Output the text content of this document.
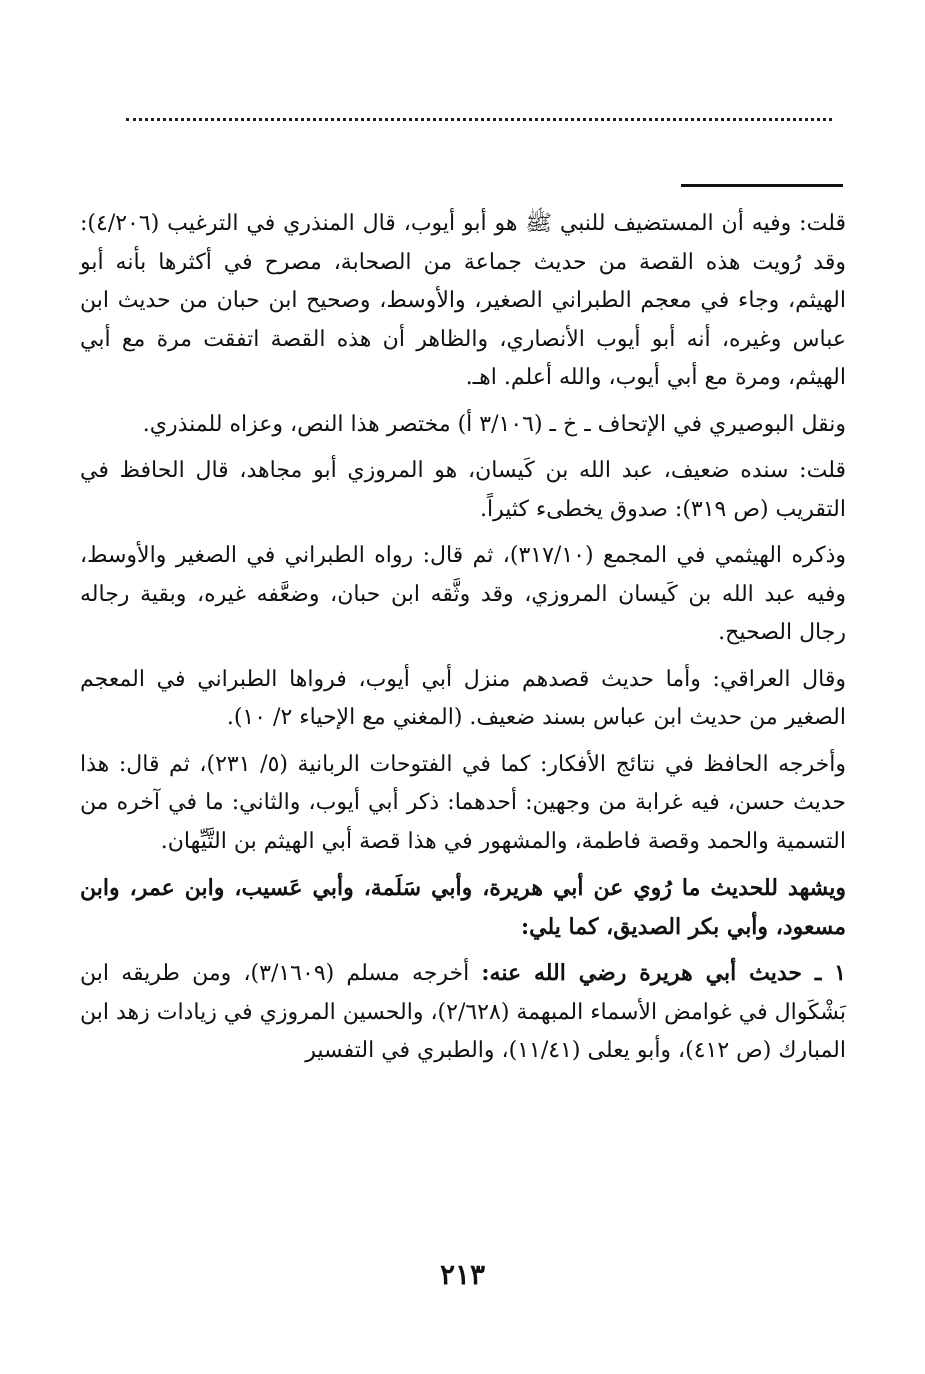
قلت: وفيه أن المستضيف للنبي ﷺ هو أبو أيوب، قال المنذري في الترغيب (٤/٢٠٦): وقد رُويت هذه القصة من حديث جماعة من الصحابة، مصرح في أكثرها بأنه أبو الهيثم، وجاء في معجم الطبراني الصغير، والأوسط، وصحيح ابن حبان من حديث ابن عباس وغيره، أنه أبو أيوب الأنصاري، والظاهر أن هذه القصة اتفقت مرة مع أبي الهيثم، ومرة مع أبي أيوب، والله أعلم. اهـ.

ونقل البوصيري في الإتحاف ـ خ ـ (٣/١٠٦ أ) مختصر هذا النص، وعزاه للمنذري.

قلت: سنده ضعيف، عبد الله بن كَيسان، هو المروزي أبو مجاهد، قال الحافظ في التقريب (ص ٣١٩): صدوق يخطىء كثيراً.

وذكره الهيثمي في المجمع (٣١٧/١٠)، ثم قال: رواه الطبراني في الصغير والأوسط، وفيه عبد الله بن كَيسان المروزي، وقد وثَّقه ابن حبان، وضعَّفه غيره، وبقية رجاله رجال الصحيح.

وقال العراقي: وأما حديث قصدهم منزل أبي أيوب، فرواها الطبراني في المعجم الصغير من حديث ابن عباس بسند ضعيف. (المغني مع الإحياء ٢/ ١٠).

وأخرجه الحافظ في نتائج الأفكار: كما في الفتوحات الربانية (٥/ ٢٣١)، ثم قال: هذا حديث حسن، فيه غرابة من وجهين: أحدهما: ذكر أبي أيوب، والثاني: ما في آخره من التسمية والحمد وقصة فاطمة، والمشهور في هذا قصة أبي الهيثم بن التَّيِّهان.

ويشهد للحديث ما رُوي عن أبي هريرة، وأبي سَلَمة، وأبي عَسيب، وابن عمر، وابن مسعود، وأبي بكر الصديق، كما يلي:

١ ـ حديث أبي هريرة رضي الله عنه: أخرجه مسلم (٣/١٦٠٩)، ومن طريقه ابن بَشْكَوال في غوامض الأسماء المبهمة (٢/٦٢٨)، والحسين المروزي في زيادات زهد ابن المبارك (ص ٤١٢)، وأبو يعلى (١١/٤١)، والطبري في التفسير

٢١٣
